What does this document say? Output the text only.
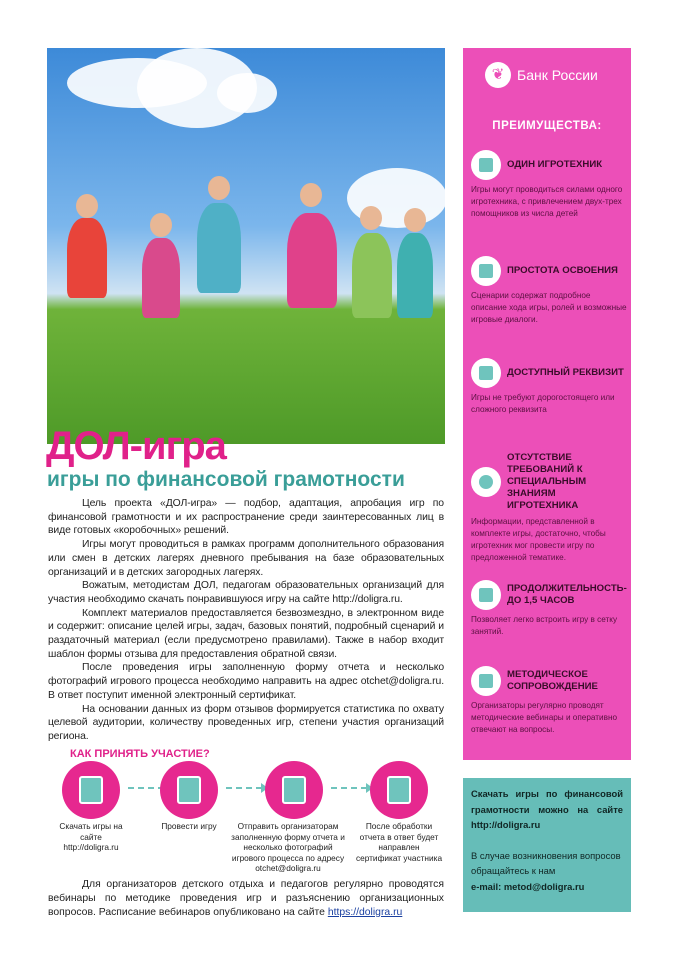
ДОЛ-игра
игры по финансовой грамотности

Цель проекта «ДОЛ-игра» — подбор, адаптация, апробация игр по финансовой грамотности и их распространение среди заинтересованных лиц в виде готовых «коробочных» решений.

Игры могут проводиться в рамках программ дополнительного образования или смен в детских лагерях дневного пребывания на базе образовательных организаций и в детских загородных лагерях.

Вожатым, методистам ДОЛ, педагогам образовательных организаций для участия необходимо скачать понравившуюся игру на сайте http://doligra.ru.

Комплект материалов предоставляется безвозмездно, в электронном виде и содержит: описание целей игры, задач, базовых понятий, подробный сценарий и раздаточный материал (если предусмотрено правилами). Также в набор входит шаблон формы отзыва для предоставления обратной связи.

После проведения игры заполненную форму отчета и несколько фотографий игрового процесса необходимо направить на адрес otchet@doligra.ru. В ответ поступит именной электронный сертификат.

На основании данных из форм отзывов формируется статистика по охвату целевой аудитории, количеству проведенных игр, степени участия организаций региона.

КАК ПРИНЯТЬ УЧАСТИЕ?
Скачать игры на сайте http://doligra.ru
Провести игру	Отправить организаторам заполненную форму отчета и несколько фотографий игрового процесса по адресу otchet@doligra.ru
После обработки отчета в ответ будет направлен сертификат участника

Для организаторов детского отдыха и педагогов регулярно проводятся вебинары по методике проведения игр и разъяснению организационных вопросов. Расписание вебинаров опубликовано на сайте https://doligra.ru

❦ Банк России
ПРЕИМУЩЕСТВА:
ОДИН ИГРОТЕХНИК
Игры могут проводиться силами одного игротехника, с привлечением двух-трех помощников из числа детей
ПРОСТОТА ОСВОЕНИЯ
Сценарии содержат подробное описание хода игры, ролей и возможные игровые диалоги.
ДОСТУПНЫЙ РЕКВИЗИТ
Игры не требуют дорогостоящего или сложного реквизита
ОТСУТСТВИЕ ТРЕБОВАНИЙ К СПЕЦИАЛЬНЫМ ЗНАНИЯМ ИГРОТЕХНИКА
Информации, представленной в комплекте игры, достаточно, чтобы игротехник мог провести игру по предложенной тематике.
ПРОДОЛЖИТЕЛЬНОСТЬ- ДО 1,5 ЧАСОВ
Позволяет легко встроить игру в сетку занятий.
МЕТОДИЧЕСКОЕ СОПРОВОЖДЕНИЕ
Организаторы регулярно проводят методические вебинары и оперативно отвечают на вопросы.
Скачать игры по финансовой грамотности можно на сайте http://doligra.ru
В случае возникновения вопросов обращайтесь к нам
e-mail: metod@doligra.ru
